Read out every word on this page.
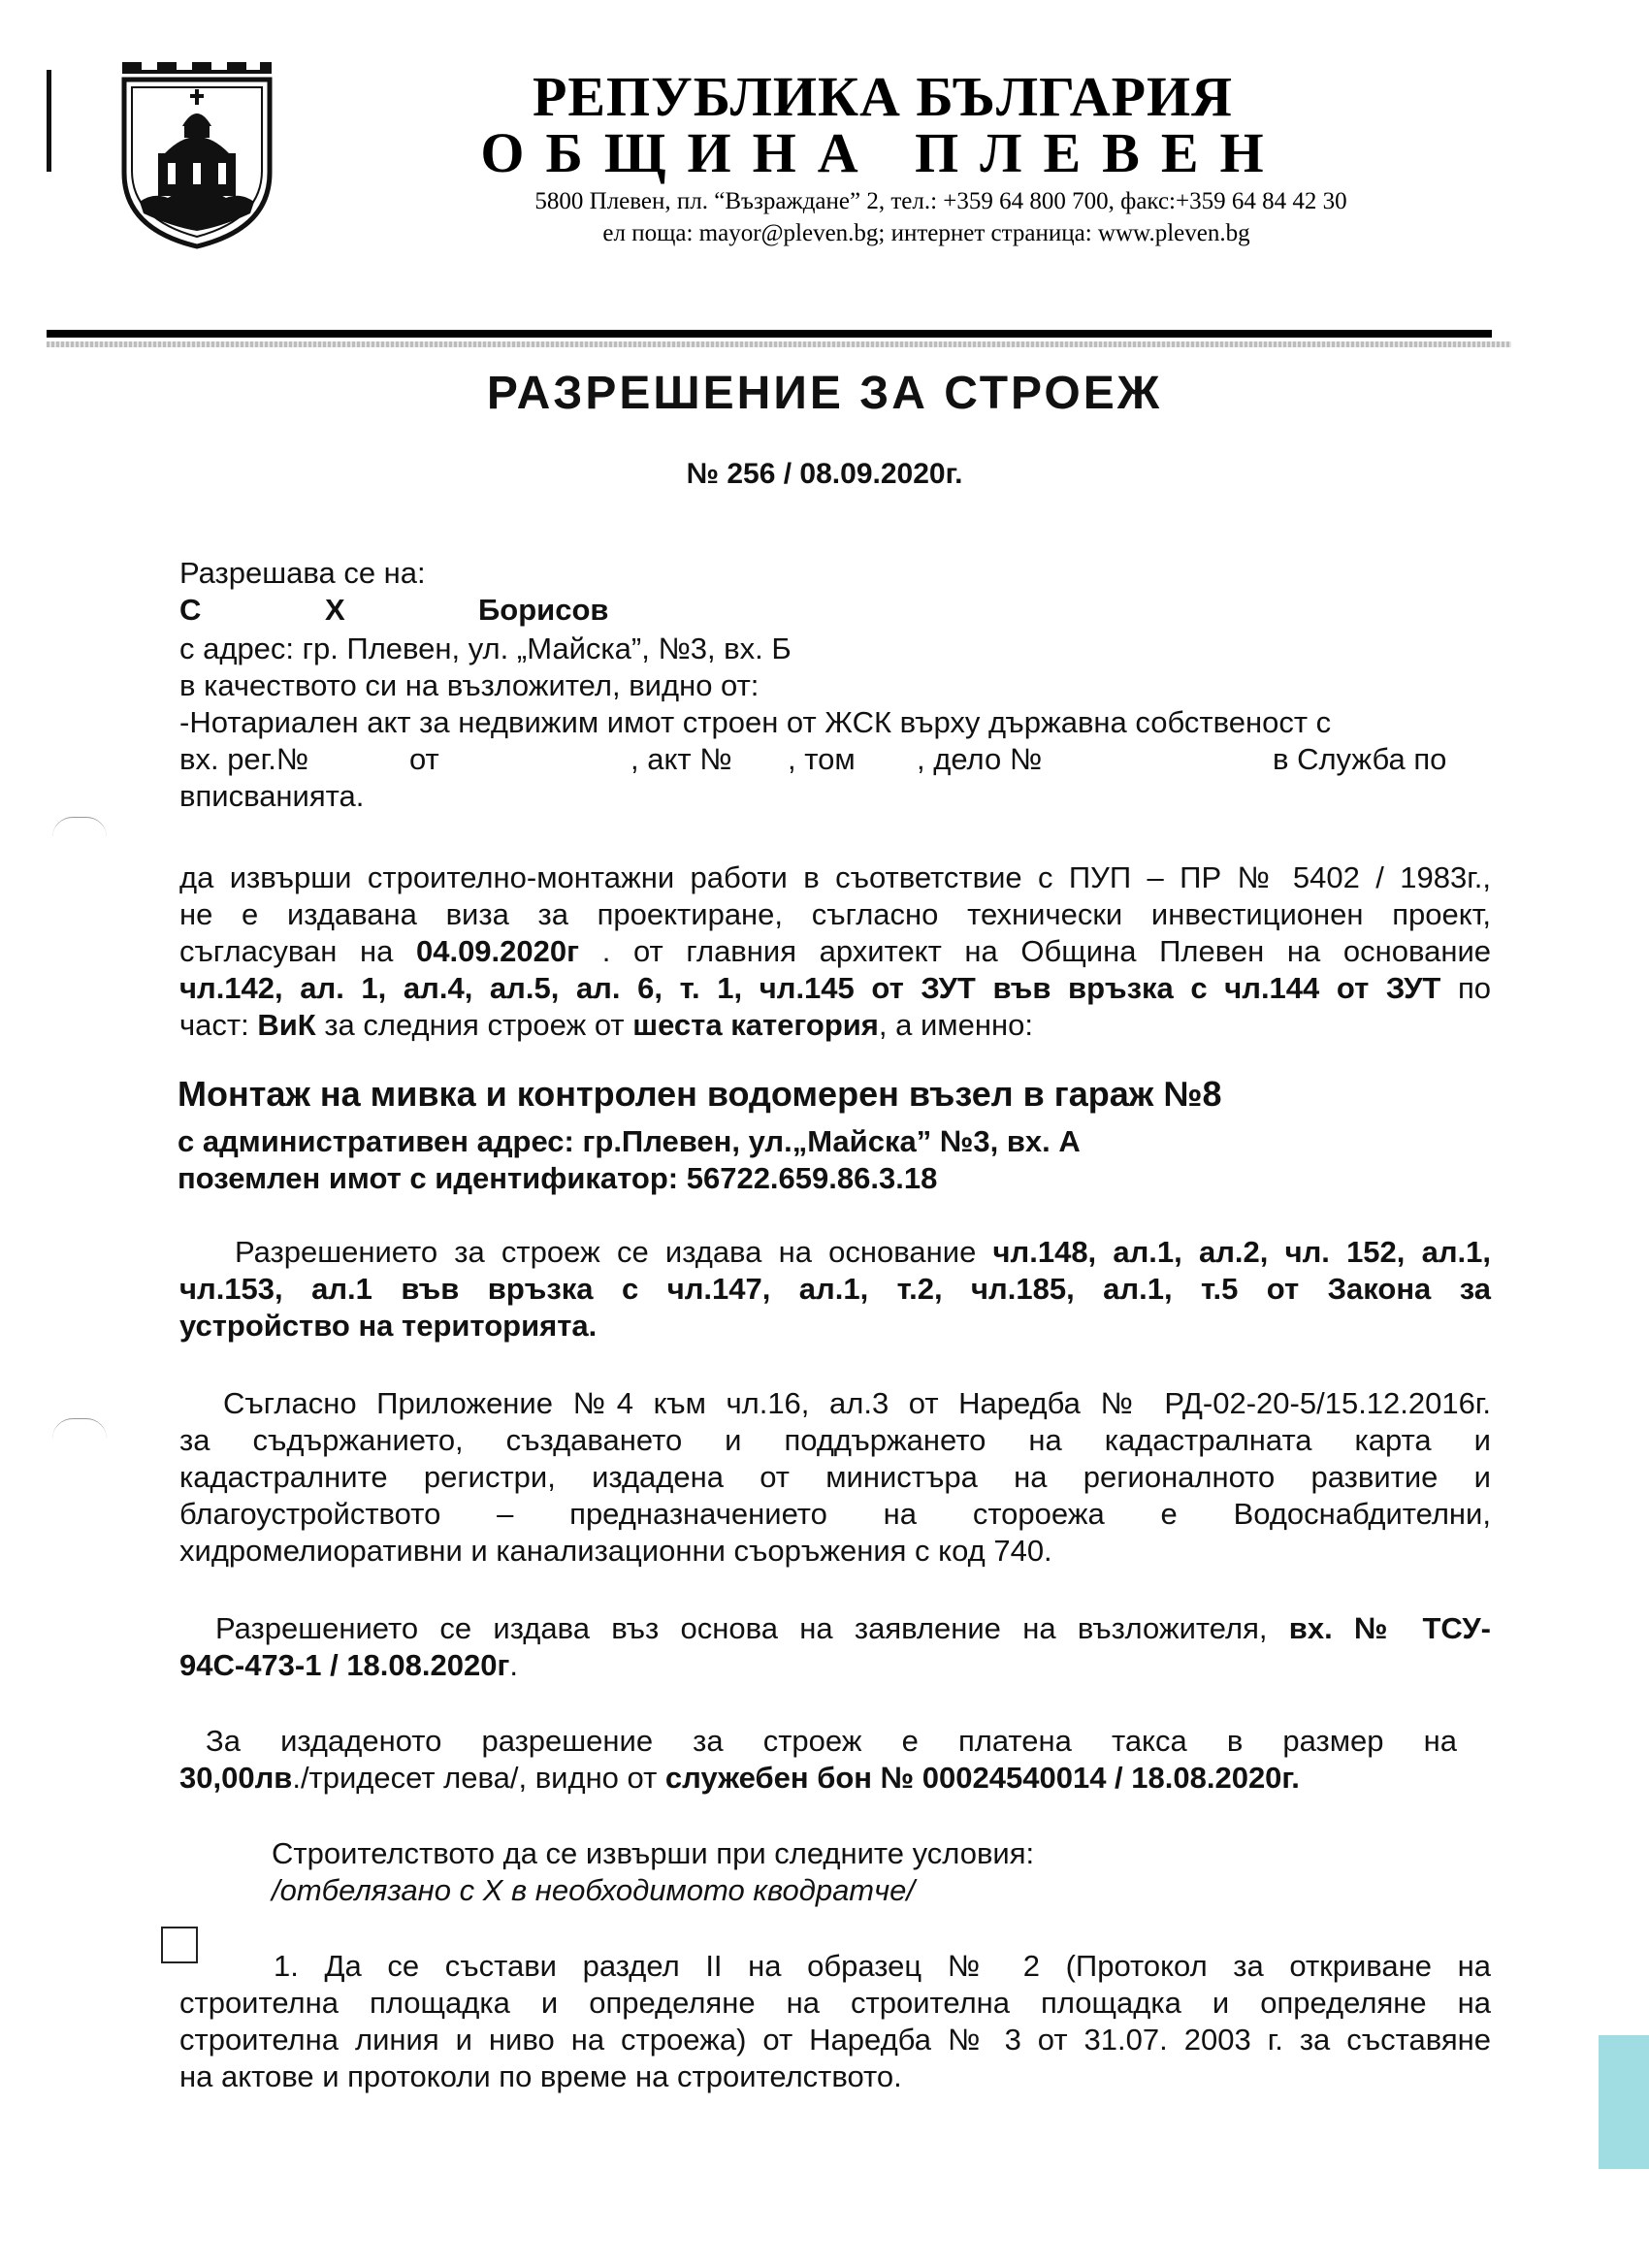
РЕПУБЛИКА БЪЛГАРИЯ
ОБЩИНА ПЛЕВЕН
5800 Плевен, пл. “Възраждане” 2, тел.: +359 64 800 700, факс:+359 64 84 42 30
ел поща: mayor@pleven.bg; интернет страница: www.pleven.bg
РАЗРЕШЕНИЕ ЗА СТРОЕЖ
№ 256 / 08.09.2020г.
Разрешава се на:
С	Х	Борисов
с адрес: гр. Плевен, ул. „Майска”, №3, вх. Б
в качеството си на възложител, видно от:
-Нотариален акт за недвижим имот строен от ЖСК върху държавна собственост с
вх. рег.№	от	, акт № , том , дело №	в Служба по
вписванията.
да извърши строително-монтажни работи в съответствие с ПУП – ПР № 5402 / 1983г.,
не е издавана виза за проектиране, съгласно технически инвестиционен проект,
съгласуван на 04.09.2020г . от главния архитект на Община Плевен на основание
чл.142, ал. 1, ал.4, ал.5, ал. 6, т. 1, чл.145 от ЗУТ във връзка с чл.144 от ЗУТ по
част: ВиК за следния строеж от шеста категория, а именно:
Монтаж на мивка и контролен водомерен възел в гараж №8
с административен адрес: гр.Плевен, ул.„Майска” №3, вх. А
поземлен имот с идентификатор: 56722.659.86.3.18
Разрешението за строеж се издава на основание чл.148, ал.1, ал.2, чл. 152, ал.1,
чл.153, ал.1 във връзка с чл.147, ал.1, т.2, чл.185, ал.1, т.5 от Закона за
устройство на територията.
Съгласно Приложение №4 към чл.16, ал.3 от Наредба № РД-02-20-5/15.12.2016г.
за съдържанието, създаването и поддържането на кадастралната карта и
кадастралните регистри, издадена от министъра на регионалното развитие и
благоустройството – предназначението на стороежа е Водоснабдителни,
хидромелиоративни и канализационни съоръжения с код 740.
Разрешението се издава въз основа на заявление на възложителя, вх. № ТСУ-
94С-473-1 / 18.08.2020г.
За издаденото разрешение за строеж е платена такса в размер на
30,00лв./тридесет лева/, видно от служебен бон № 00024540014 / 18.08.2020г.
Строителството да се извърши при следните условия:
/отбелязано с Х в необходимото кводратче/
1. Да се състави раздел II на образец № 2 (Протокол за откриване на
строителна площадка и определяне на строителна площадка и определяне на
строителна линия и ниво на строежа) от Наредба № 3 от 31.07. 2003 г. за съставяне
на актове и протоколи по време на строителството.
